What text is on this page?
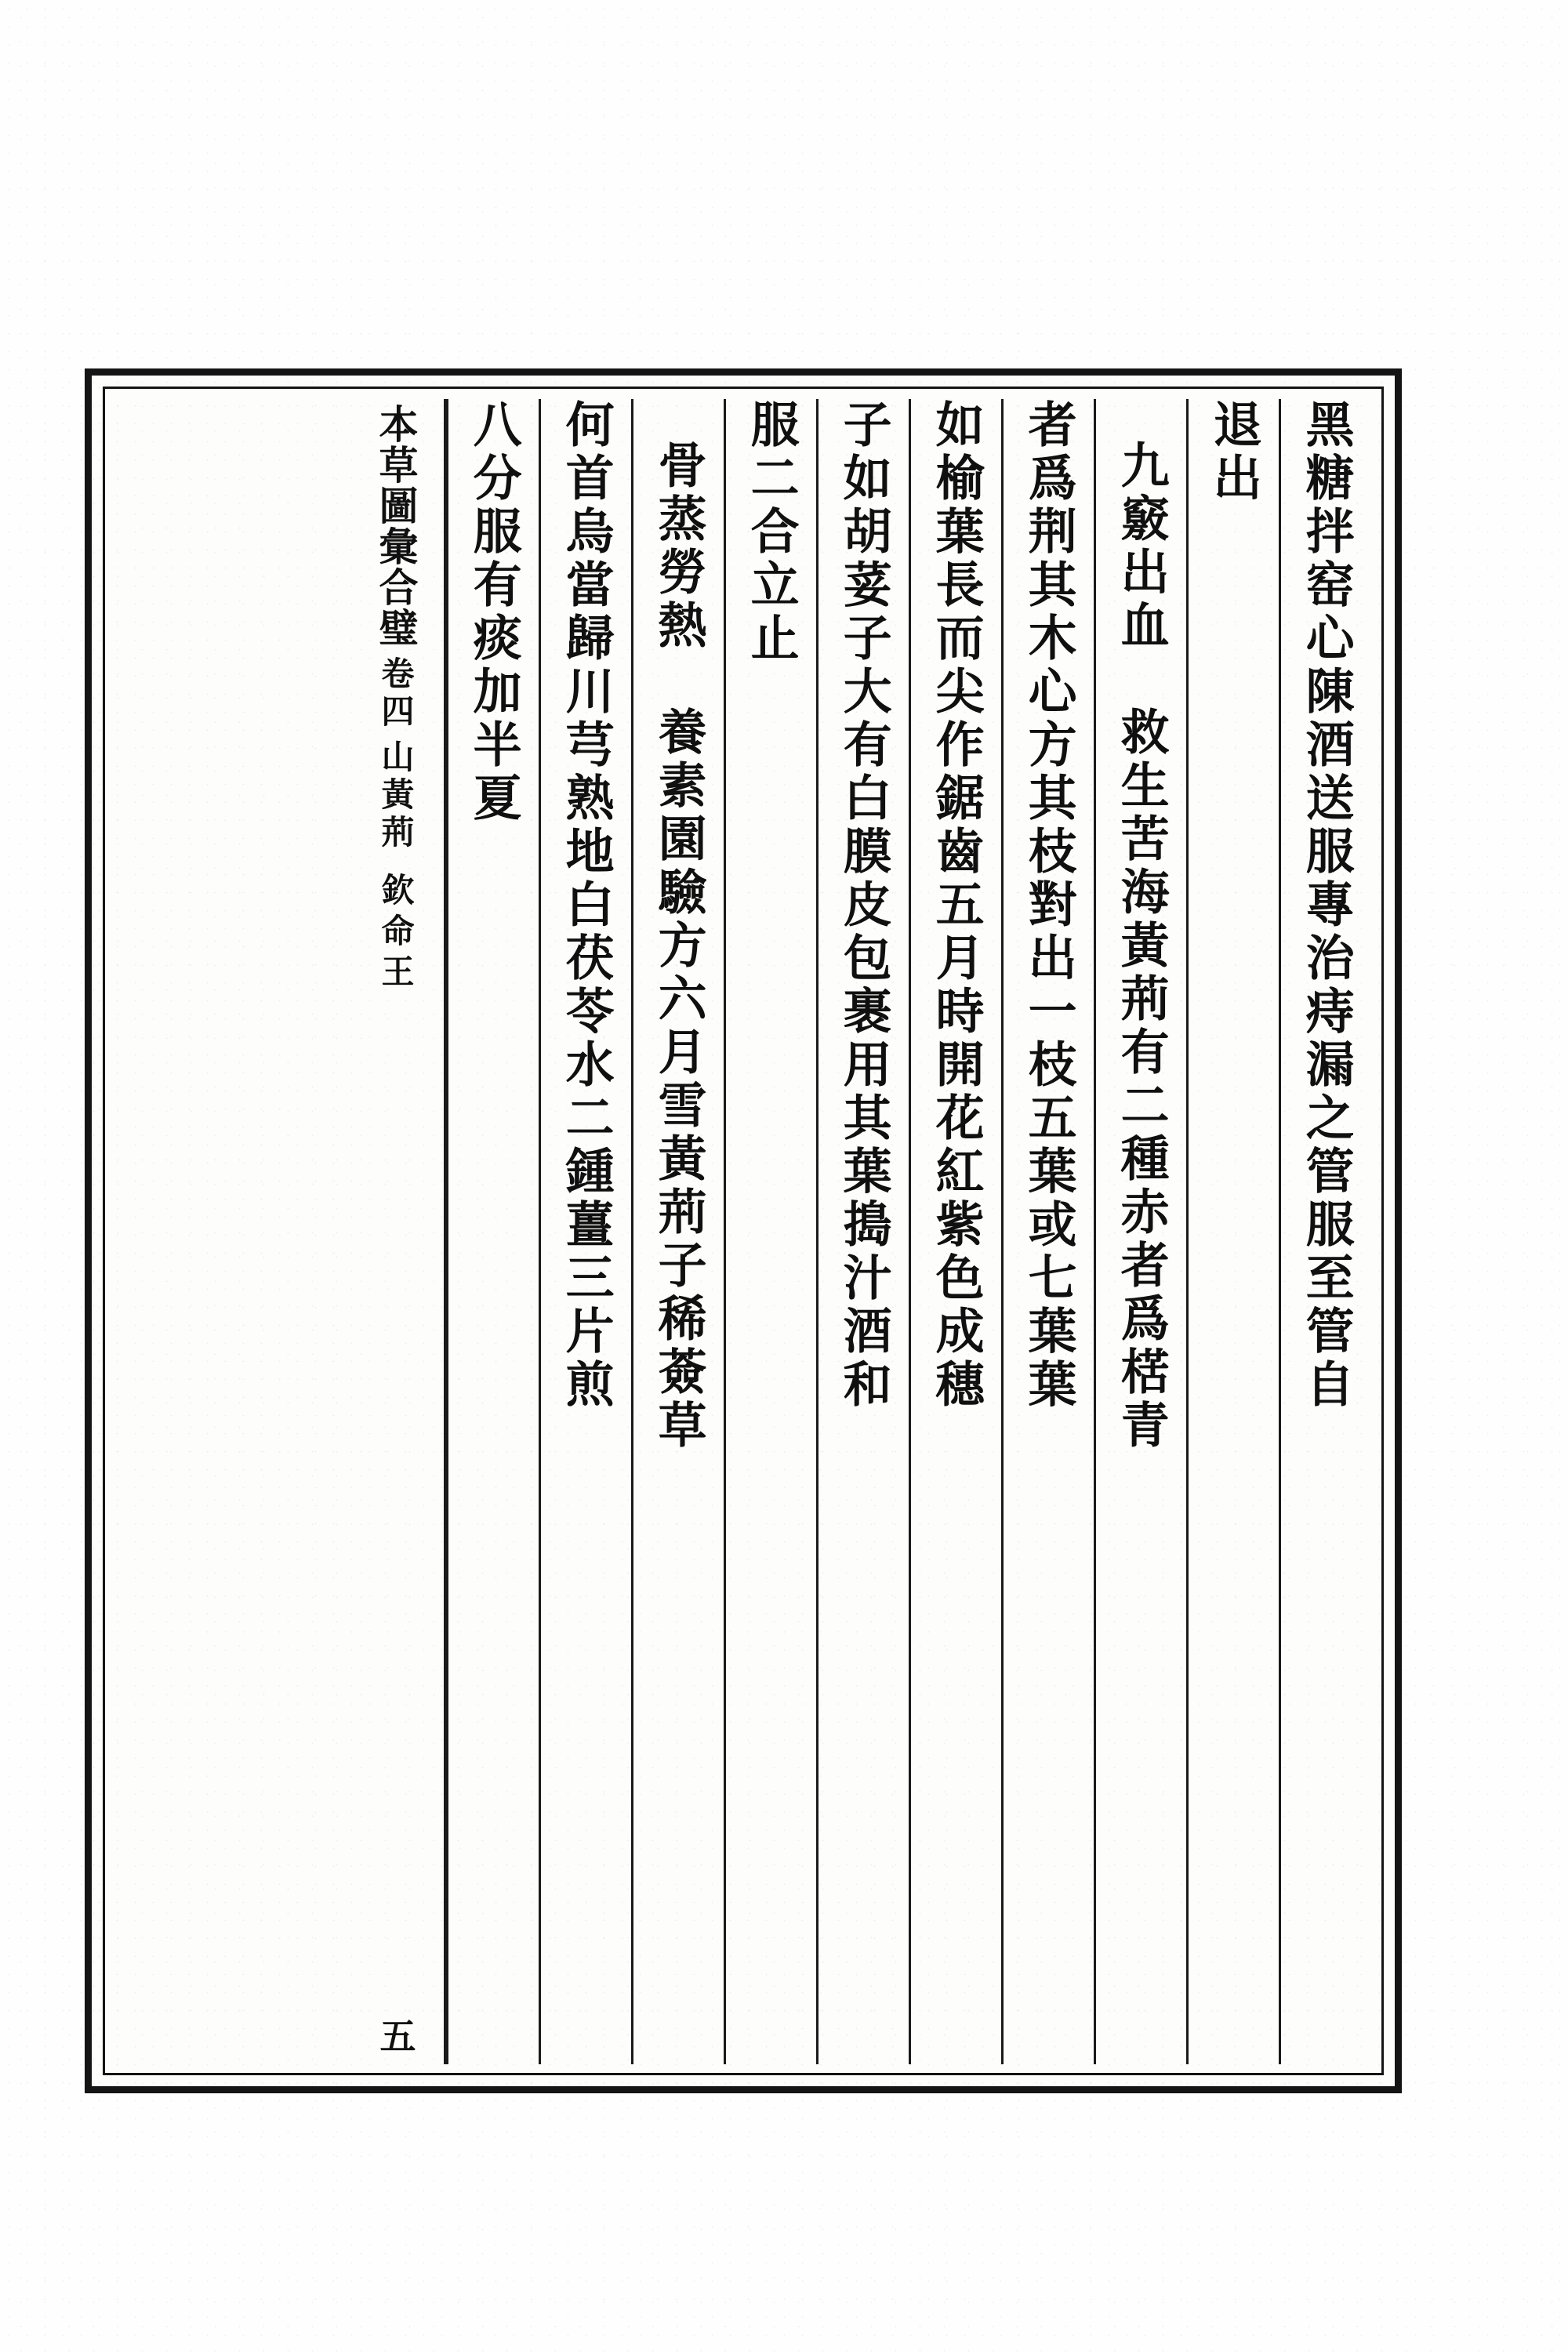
黑糖拌窑心陳酒送服專治痔漏之管服至管自
退出
九竅出血　救生苦海黃荊有二種赤者爲楛青
者爲荆其木心方其枝對出一枝五葉或七葉葉
如榆葉長而尖作鋸齒五月時開花紅紫色成穗
子如胡荽子大有白膜皮包裹用其葉搗汁酒和
服二合立止
骨蒸勞熱　養素園驗方六月雪黃荊子稀薟草
何首烏當歸川芎熟地白茯苓水二鍾薑三片煎
八分服有痰加半夏
本草圖彙合璧
卷四
山黃荊
欽命王
五
